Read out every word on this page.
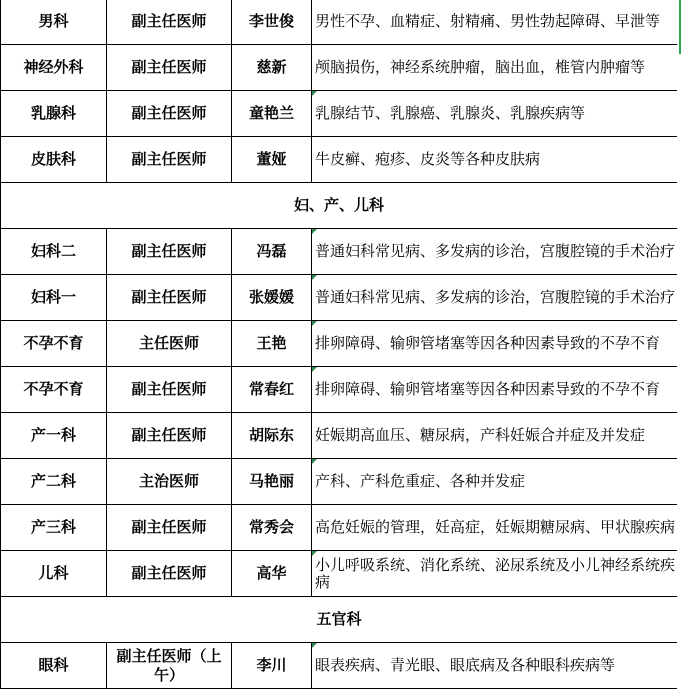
男科	副主任医师	李世俊	男性不孕、血精症、射精痛、男性勃起障碍、早泄等
神经外科	副主任医师	慈新	颅脑损伤，神经系统肿瘤，脑出血，椎管内肿瘤等
乳腺科	副主任医师	童艳兰	乳腺结节、乳腺癌、乳腺炎、乳腺疾病等
皮肤科	副主任医师	董娅	牛皮癣、疱疹、皮炎等各种皮肤病
妇、产、儿科			
妇科二	副主任医师	冯磊	普通妇科常见病、多发病的诊治，宫腹腔镜的手术治疗
妇科一	副主任医师	张媛媛	普通妇科常见病、多发病的诊治，宫腹腔镜的手术治疗
不孕不育	主任医师	王艳	排卵障碍、输卵管堵塞等因各种因素导致的不孕不育
不孕不育	副主任医师	常春红	排卵障碍、输卵管堵塞等因各种因素导致的不孕不育
产一科	副主任医师	胡际东	妊娠期高血压、糖尿病，产科妊娠合并症及并发症
产二科	主治医师	马艳丽	产科、产科危重症、各种并发症
产三科	副主任医师	常秀会	高危妊娠的管理，妊高症，妊娠期糖尿病、甲状腺疾病
儿科	副主任医师	高华	小儿呼吸系统、消化系统、泌尿系统及小儿神经系统疾病
五官科			
眼科	副主任医师（上午）	李川	眼表疾病、青光眼、眼底病及各种眼科疾病等
